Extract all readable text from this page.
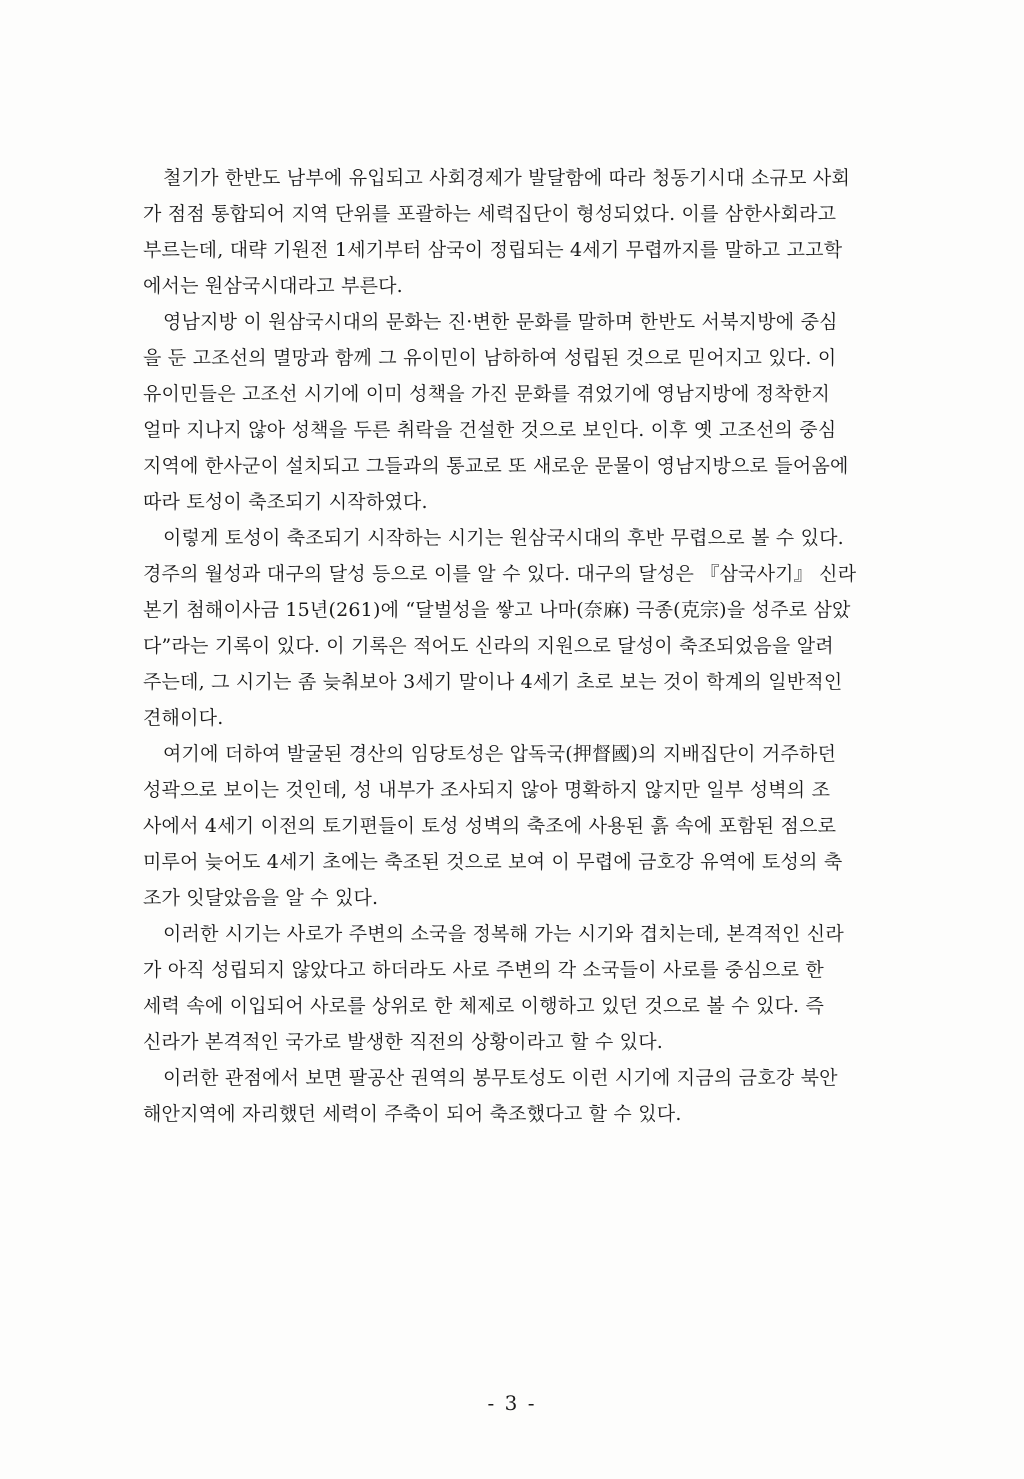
철기가 한반도 남부에 유입되고 사회경제가 발달함에 따라 청동기시대 소규모 사회
가 점점 통합되어 지역 단위를 포괄하는 세력집단이 형성되었다. 이를 삼한사회라고
부르는데, 대략 기원전 1세기부터 삼국이 정립되는 4세기 무렵까지를 말하고 고고학
에서는 원삼국시대라고 부른다.

영남지방 이 원삼국시대의 문화는 진·변한 문화를 말하며 한반도 서북지방에 중심
을 둔 고조선의 멸망과 함께 그 유이민이 남하하여 성립된 것으로 믿어지고 있다. 이
유이민들은 고조선 시기에 이미 성책을 가진 문화를 겪었기에 영남지방에 정착한지
얼마 지나지 않아 성책을 두른 취락을 건설한 것으로 보인다. 이후 옛 고조선의 중심
지역에 한사군이 설치되고 그들과의 통교로 또 새로운 문물이 영남지방으로 들어옴에
따라 토성이 축조되기 시작하였다.

이렇게 토성이 축조되기 시작하는 시기는 원삼국시대의 후반 무렵으로 볼 수 있다.
경주의 월성과 대구의 달성 등으로 이를 알 수 있다. 대구의 달성은 『삼국사기』 신라
본기 첨해이사금 15년(261)에 “달벌성을 쌓고 나마(奈麻) 극종(克宗)을 성주로 삼았
다”라는 기록이 있다. 이 기록은 적어도 신라의 지원으로 달성이 축조되었음을 알려
주는데, 그 시기는 좀 늦춰보아 3세기 말이나 4세기 초로 보는 것이 학계의 일반적인
견해이다.

여기에 더하여 발굴된 경산의 임당토성은 압독국(押督國)의 지배집단이 거주하던
성곽으로 보이는 것인데, 성 내부가 조사되지 않아 명확하지 않지만 일부 성벽의 조
사에서 4세기 이전의 토기편들이 토성 성벽의 축조에 사용된 흙 속에 포함된 점으로
미루어 늦어도 4세기 초에는 축조된 것으로 보여 이 무렵에 금호강 유역에 토성의 축
조가 잇달았음을 알 수 있다.

이러한 시기는 사로가 주변의 소국을 정복해 가는 시기와 겹치는데, 본격적인 신라
가 아직 성립되지 않았다고 하더라도 사로 주변의 각 소국들이 사로를 중심으로 한
세력 속에 이입되어 사로를 상위로 한 체제로 이행하고 있던 것으로 볼 수 있다. 즉
신라가 본격적인 국가로 발생한 직전의 상황이라고 할 수 있다.

이러한 관점에서 보면 팔공산 권역의 봉무토성도 이런 시기에 지금의 금호강 북안
해안지역에 자리했던 세력이 주축이 되어 축조했다고 할 수 있다.

- 3 -
